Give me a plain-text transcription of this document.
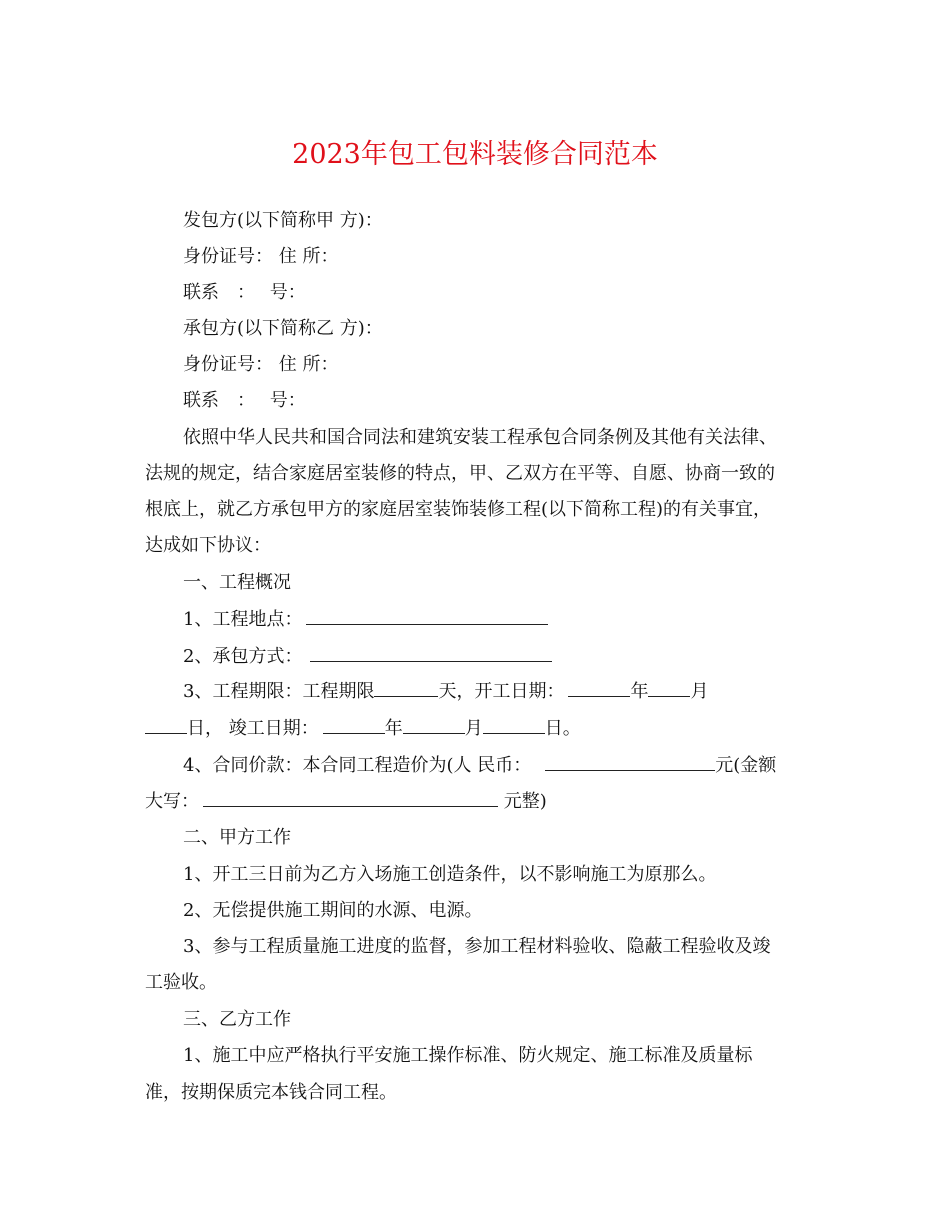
2023年包工包料装修合同范本
发包方(以下简称甲 方)：
身份证号： 住 所：
联系　：　 号：
承包方(以下简称乙 方)：
身份证号： 住 所：
联系　：　 号：
依照中华人民共和国合同法和建筑安装工程承包合同条例及其他有关法律、
法规的规定，结合家庭居室装修的特点，甲、乙双方在平等、自愿、协商一致的
根底上，就乙方承包甲方的家庭居室装饰装修工程(以下简称工程)的有关事宜，
达成如下协议：
一、工程概况
1、工程地点：
2、承包方式：
3、工程期限：工程期限	天，开工日期：	年 月
日， 竣工日期：	年	月	日。
4、合同价款：本合同工程造价为(人 民币：	元(金额
大写：	元整)
二、甲方工作
1、开工三日前为乙方入场施工创造条件，以不影响施工为原那么。
2、无偿提供施工期间的水源、电源。
3、参与工程质量施工进度的监督，参加工程材料验收、隐蔽工程验收及竣
工验收。
三、乙方工作
1、施工中应严格执行平安施工操作标准、防火规定、施工标准及质量标
准，按期保质完本钱合同工程。
